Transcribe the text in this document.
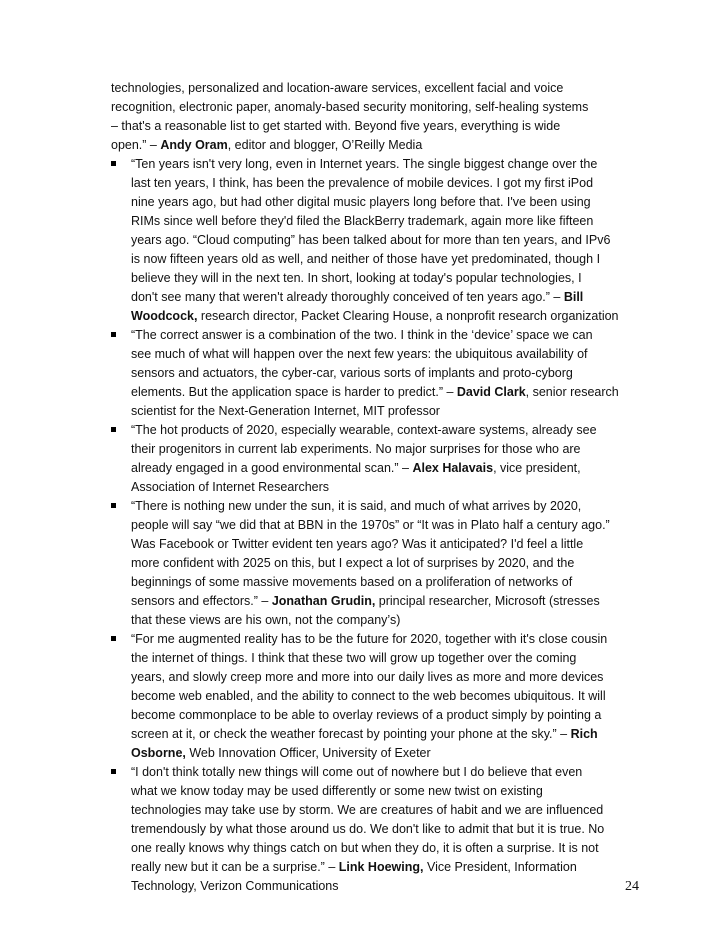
technologies, personalized and location-aware services, excellent facial and voice
recognition, electronic paper, anomaly-based security monitoring, self-healing systems
– that's a reasonable list to get started with. Beyond five years, everything is wide
open.” – Andy Oram, editor and blogger, O’Reilly Media
“Ten years isn't very long, even in Internet years. The single biggest change over the
last ten years, I think, has been the prevalence of mobile devices. I got my first iPod
nine years ago, but had other digital music players long before that. I've been using
RIMs since well before they'd filed the BlackBerry trademark, again more like fifteen
years ago. “Cloud computing” has been talked about for more than ten years, and IPv6
is now fifteen years old as well, and neither of those have yet predominated, though I
believe they will in the next ten. In short, looking at today's popular technologies, I
don't see many that weren't already thoroughly conceived of ten years ago.” – Bill
Woodcock, research director, Packet Clearing House, a nonprofit research organization
“The correct answer is a combination of the two. I think in the ‘device’ space we can
see much of what will happen over the next few years: the ubiquitous availability of
sensors and actuators, the cyber-car, various sorts of implants and proto-cyborg
elements. But the application space is harder to predict.” – David Clark, senior research
scientist for the Next-Generation Internet, MIT professor
“The hot products of 2020, especially wearable, context-aware systems, already see
their progenitors in current lab experiments. No major surprises for those who are
already engaged in a good environmental scan.” – Alex Halavais, vice president,
Association of Internet Researchers
“There is nothing new under the sun, it is said, and much of what arrives by 2020,
people will say “we did that at BBN in the 1970s” or “It was in Plato half a century ago.”
Was Facebook or Twitter evident ten years ago? Was it anticipated? I'd feel a little
more confident with 2025 on this, but I expect a lot of surprises by 2020, and the
beginnings of some massive movements based on a proliferation of networks of
sensors and effectors.” – Jonathan Grudin, principal researcher, Microsoft (stresses
that these views are his own, not the company’s)
“For me augmented reality has to be the future for 2020, together with it's close cousin
the internet of things. I think that these two will grow up together over the coming
years, and slowly creep more and more into our daily lives as more and more devices
become web enabled, and the ability to connect to the web becomes ubiquitous. It will
become commonplace to be able to overlay reviews of a product simply by pointing a
screen at it, or check the weather forecast by pointing your phone at the sky.” – Rich
Osborne, Web Innovation Officer, University of Exeter
“I don't think totally new things will come out of nowhere but I do believe that even
what we know today may be used differently or some new twist on existing
technologies may take use by storm. We are creatures of habit and we are influenced
tremendously by what those around us do. We don't like to admit that but it is true. No
one really knows why things catch on but when they do, it is often a surprise. It is not
really new but it can be a surprise.” – Link Hoewing, Vice President, Information
Technology, Verizon Communications	24
